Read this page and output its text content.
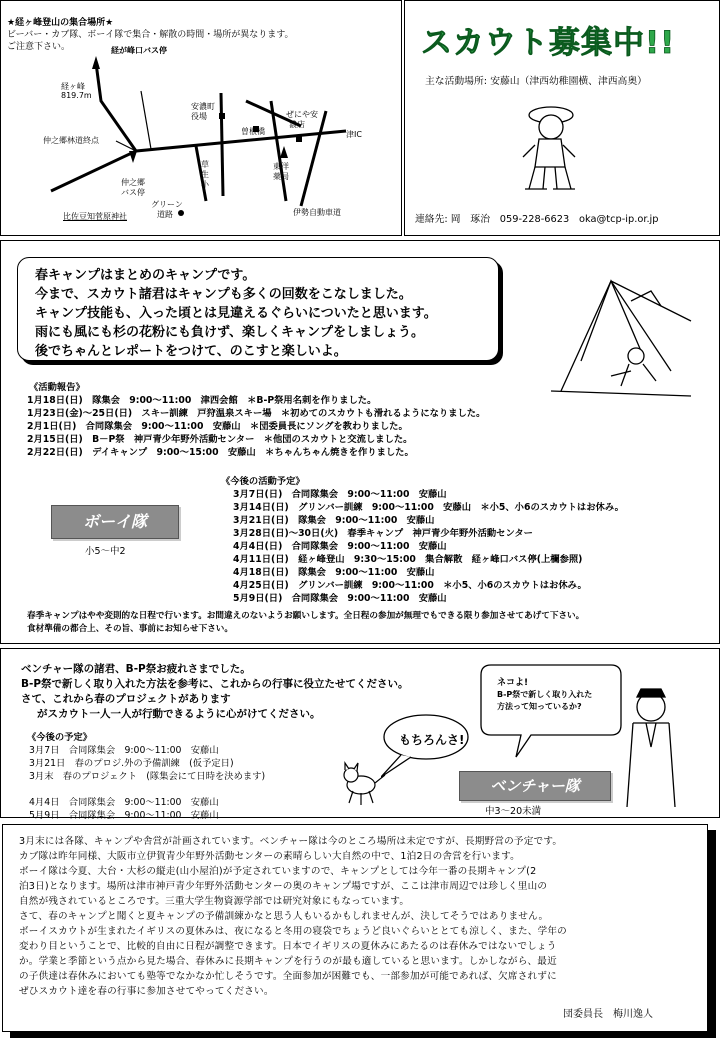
★経ヶ峰登山の集合場所★
ビーバー・カブ隊、ボーイ隊で集合・解散の時間・場所が異なります。
ご注意下さい。	経が峰口バス停
経ヶ峰
819.7m
安濃町
役場
曽根橋
ぜにや安
濃店
津IC
仲之郷林道終点
仲之郷
バス停
草
生
小
東洋
薬局
グリーン
道路
比佐豆知菅原神社	伊勢自動車道
スカウト募集中!!
主な活動場所: 安藤山（津西幼稚園横、津西高奥）
連絡先: 岡　琢治　059-228-6623　oka@tcp-ip.or.jp
春キャンプはまとめのキャンプです。
今まで、スカウト諸君はキャンプも多くの回数をこなしました。
キャンプ技能も、入った頃とは見違えるぐらいについたと思います。
雨にも風にも杉の花粉にも負けず、楽しくキャンプをしましょう。
後でちゃんとレポートをつけて、のこすと楽しいよ。
《活動報告》
1月18日(日)　隊集会　9:00～11:00　津西会館　＊B-P祭用名刺を作りました。
1月23日(金)～25日(日)　スキー訓練　戸狩温泉スキー場　＊初めてのスカウトも滑れるようになりました。
2月1日(日)　合同隊集会　9:00～11:00　安藤山　＊団委員長にソングを教わりました。
2月15日(日)　B－P祭　神戸青少年野外活動センター　＊他団のスカウトと交流しました。
2月22日(日)　デイキャンプ　9:00～15:00　安藤山　＊ちゃんちゃん焼きを作りました。
《今後の活動予定》
3月7日(日)　合同隊集会　9:00～11:00　安藤山
3月14日(日)　グリンバー訓練　9:00～11:00　安藤山　＊小5、小6のスカウトはお休み。
3月21日(日)　隊集会　9:00～11:00　安藤山
3月28日(日)～30日(火)　春季キャンプ　神戸青少年野外活動センター
4月4日(日)　合同隊集会　9:00～11:00　安藤山
4月11日(日)　経ヶ峰登山　9:30～15:00　集合解散　経ヶ峰口バス停(上欄参照)
4月18日(日)　隊集会　9:00～11:00　安藤山
4月25日(日)　グリンバー訓練　9:00～11:00　＊小5、小6のスカウトはお休み。
5月9日(日)　合同隊集会　9:00～11:00　安藤山
ボーイ隊
小5～中2
春季キャンプはやや変則的な日程で行います。お間違えのないようお願いします。全日程の参加が無理でもできる限り参加させてあげて下さい。
食材準備の都合上、その旨、事前にお知らせ下さい。
ベンチャー隊の諸君、B-P祭お疲れさまでした。
B-P祭で新しく取り入れた方法を参考に、これからの行事に役立たせてください。
さて、これから春のプロジェクトがあります
がスカウト一人一人が行動できるように心がけてください。
《今後の予定》
3月7日　合同隊集会　9:00～11:00　安藤山
3月21日　春のプロジ.外の予備訓練　(仮予定日)
3月末　春のプロジェクト　(隊集会にて日時を決めます)
4月4日　合同隊集会　9:00～11:00　安藤山
5月9日　合同隊集会　9:00～11:00　安藤山
ネコよ!
B-P祭で新しく取り入れた
方法って知っているか?
もちろんさ!
ベンチャー隊
中3～20未満
3月末には各隊、キャンプや舎営が計画されています。ベンチャー隊は今のところ場所は未定ですが、長期野営の予定です。
カブ隊は昨年同様、大阪市立伊賀青少年野外活動センターの素晴らしい大自然の中で、1泊2日の舎営を行います。
ボーイ隊は今夏、大台・大杉の縦走(山小屋泊)が予定されていますので、キャンプとしては今年一番の長期キャンプ(2
泊3日)となります。場所は津市神戸青少年野外活動センターの奥のキャンプ場ですが、ここは津市周辺では珍しく里山の
自然が残されているところです。三重大学生物資源学部では研究対象にもなっています。
さて、春のキャンプと聞くと夏キャンプの予備訓練かなと思う人もいるかもしれませんが、決してそうではありません。
ボーイスカウトが生まれたイギリスの夏休みは、夜になると冬用の寝袋でちょうど良いぐらいととても涼しく、また、学年の
変わり目ということで、比較的自由に日程が調整できます。日本でイギリスの夏休みにあたるのは春休みではないでしょう
か。学業と季節という点から見た場合、春休みに長期キャンプを行うのが最も適していると思います。しかしながら、最近
の子供達は春休みにおいても塾等でなかなか忙しそうです。全面参加が困難でも、一部参加が可能であれば、欠席されずに
ぜひスカウト達を春の行事に参加させてやってください。
団委員長　梅川逸人
